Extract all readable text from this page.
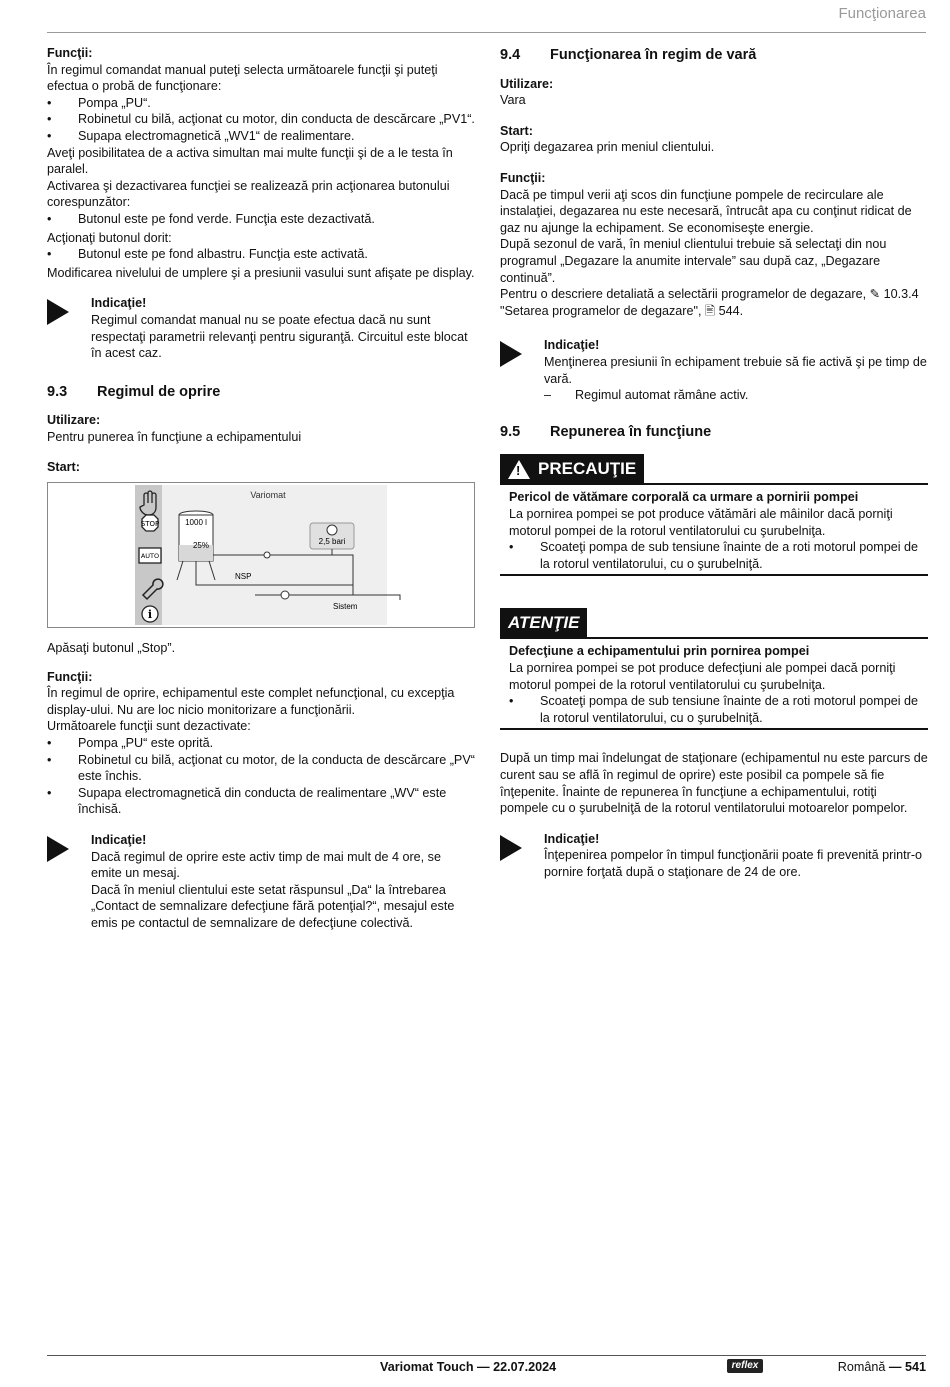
Funcţionarea
Funcţii:

În regimul comandat manual puteţi selecta următoarele funcţii şi puteţi efectua o probă de funcţionare:

• Pompa „PU“.
• Robinetul cu bilă, acţionat cu motor, din conducta de descărcare „PV1“.
• Supapa electromagnetică „WV1“ de realimentare.

Aveţi posibilitatea de a activa simultan mai multe funcţii şi de a le testa în paralel.

Activarea şi dezactivarea funcţiei se realizează prin acţionarea butonului corespunzător:

• Butonul este pe fond verde. Funcţia este dezactivată.

Acţionaţi butonul dorit:

• Butonul este pe fond albastru. Funcţia este activată.

Modificarea nivelului de umplere şi a presiunii vasului sunt afişate pe display.

Indicaţie!
Regimul comandat manual nu se poate efectua dacă nu sunt respectaţi parametrii relevanţi pentru siguranţă. Circuitul este blocat în acest caz.
9.3	Regimul de oprire
Utilizare:

Pentru punerea în funcţiune a echipamentului

Start:
STOP
AUTO
i
Variomat
1000 l
25%	2,5 bari
NSP
Sistem

Apăsaţi butonul „Stop”.

Funcţii:

În regimul de oprire, echipamentul este complet nefuncţional, cu excepţia display-ului. Nu are loc nicio monitorizare a funcţionării.

Următoarele funcţii sunt dezactivate:

• Pompa „PU“ este oprită.
• Robinetul cu bilă, acţionat cu motor, de la conducta de descărcare „PV“ este închis.
• Supapa electromagnetică din conducta de realimentare „WV“ este închisă.
Indicaţie!
Dacă regimul de oprire este activ timp de mai mult de 4 ore, se emite un mesaj.
Dacă în meniul clientului este setat răspunsul „Da“ la întrebarea „Contact de semnalizare defecţiune fără potenţial?“, mesajul este emis pe contactul de semnalizare de defecţiune colectivă.
9.4	Funcţionarea în regim de vară
Utilizare:

Vara

Start:

Opriţi degazarea prin meniul clientului.

Funcţii:

Dacă pe timpul verii aţi scos din funcţiune pompele de recirculare ale instalaţiei, degazarea nu este necesară, întrucât apa cu conţinut ridicat de gaz nu ajunge la echipament. Se economiseşte energie.

După sezonul de vară, în meniul clientului trebuie să selectaţi din nou programul „Degazare la anumite intervale” sau după caz, „Degazare continuă”.

Pentru o descriere detaliată a selectării programelor de degazare, ✎ 10.3.4 "Setarea programelor de degazare", 🖹 544.

Indicaţie!
Menţinerea presiunii în echipament trebuie să fie activă şi pe timp de vară.
– Regimul automat rămâne activ.
9.5	Repunerea în funcţiune
!
PRECAUŢIE
Pericol de vătămare corporală ca urmare a pornirii pompei
La pornirea pompei se pot produce vătămări ale mâinilor dacă porniţi motorul pompei de la rotorul ventilatorului cu şurubelniţa.
• Scoateţi pompa de sub tensiune înainte de a roti motorul pompei de la rotorul ventilatorului, cu o şurubelniţă.
ATENŢIE
Defecţiune a echipamentului prin pornirea pompei
La pornirea pompei se pot produce defecţiuni ale pompei dacă porniţi motorul pompei de la rotorul ventilatorului cu şurubelniţa.
• Scoateţi pompa de sub tensiune înainte de a roti motorul pompei de la rotorul ventilatorului, cu o şurubelniţă.

După un timp mai îndelungat de staţionare (echipamentul nu este parcurs de curent sau se află în regimul de oprire) este posibil ca pompele să fie înţepenite. Înainte de repunerea în funcţiune a echipamentului, rotiţi pompele cu o şurubelniţă de la rotorul ventilatorului motoarelor pompelor.

Indicaţie!
Înţepenirea pompelor în timpul funcţionării poate fi prevenită printr-o pornire forţată după o staţionare de 24 de ore.
Variomat Touch — 22.07.2024	reflex	Română — 541
